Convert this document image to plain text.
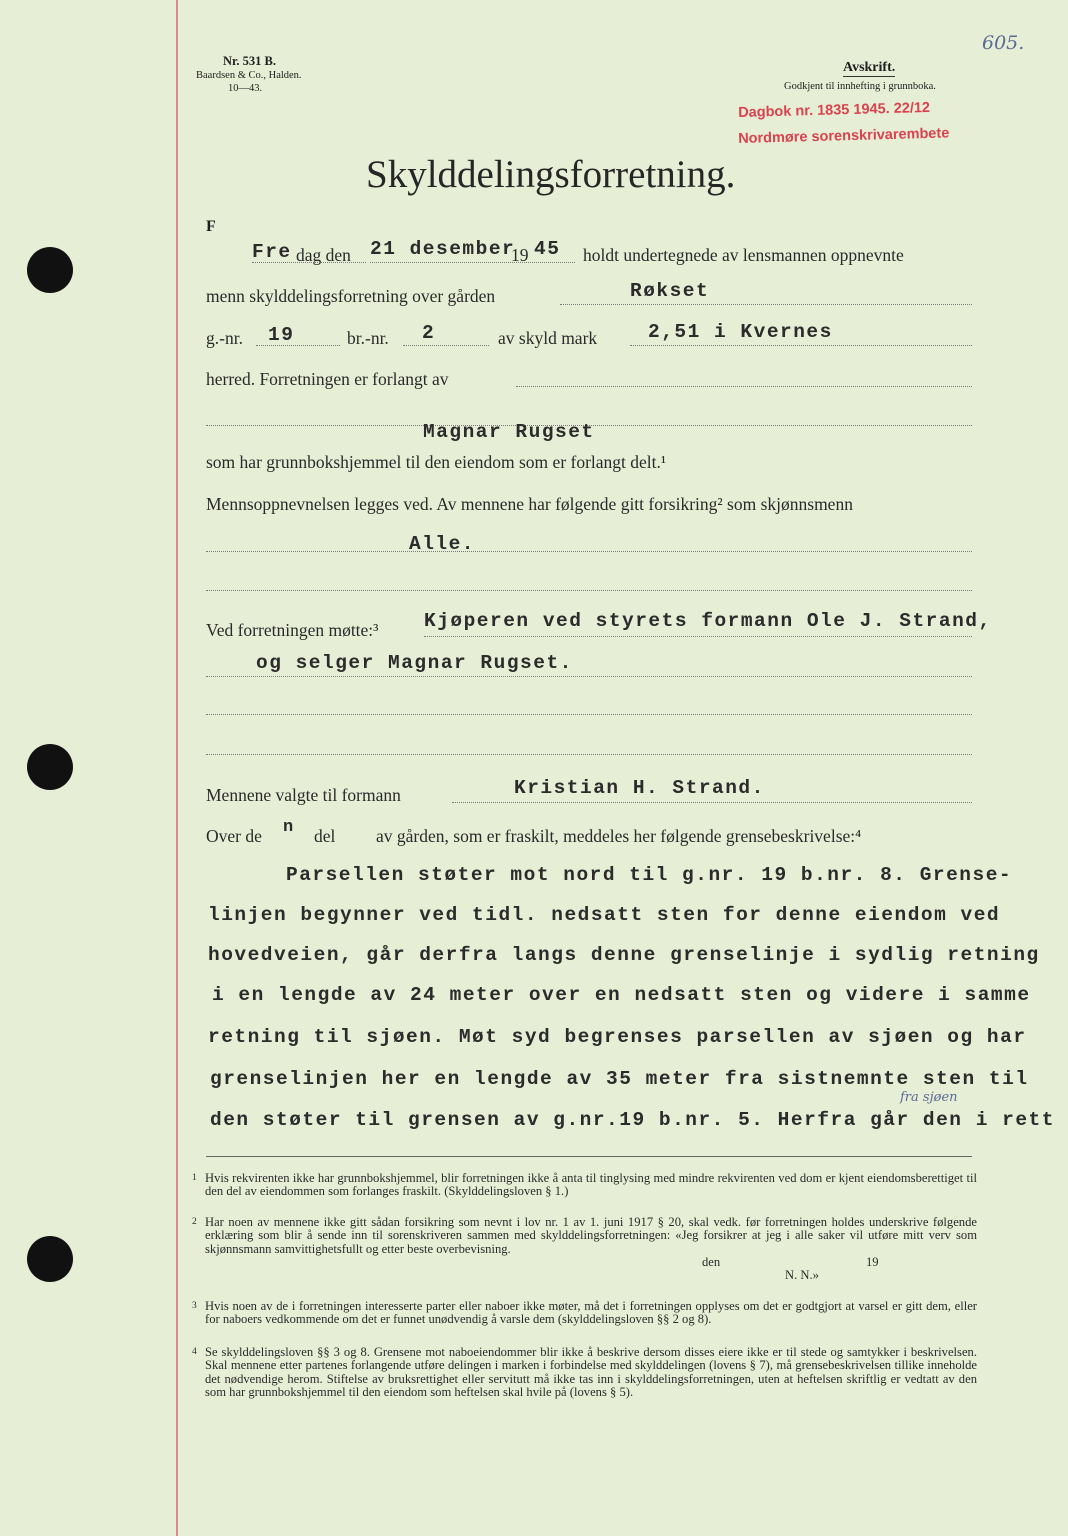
Nr. 531 B.
Baardsen & Co., Halden.
10—43.
Avskrift.
Godkjent til innhefting i grunnboka.
605.
Dagbok nr. 1835 1945. 22/12
Nordmøre sorenskrivarembete
Skylddelingsforretning.
F
Fre dag den 21 desember
19 45 holdt undertegnede av lensmannen oppnevnte
menn skylddelingsforretning over gården	Røkset
g.-nr. 19	br.-nr. 2	av skyld mark	2,51 i Kvernes
herred. Forretningen er forlangt av
Magnar Rugset
som har grunnbokshjemmel til den eiendom som er forlangt delt.¹
Mennsoppnevnelsen legges ved. Av mennene har følgende gitt forsikring² som skjønnsmenn
Alle.
Ved forretningen møtte:³ Kjøperen ved styrets formann Ole J. Strand,
og selger Magnar Rugset.
Mennene valgte til formann	Kristian H. Strand.
Over de n del av gården, som er fraskilt, meddeles her følgende grensebeskrivelse:⁴
Parsellen støter mot nord til g.nr. 19 b.nr. 8. Grense-
linjen begynner ved tidl. nedsatt sten for denne eiendom ved
hovedveien, går derfra langs denne grenselinje i sydlig retning
i en lengde av 24 meter over en nedsatt sten og videre i samme
retning til sjøen. Møt syd begrenses parsellen av sjøen og har
grenselinjen her en lengde av 35 meter fra sistnemnte sten til
fra sjøen
den støter til grensen av g.nr.19 b.nr. 5. Herfra går den i rett
1 Hvis rekvirenten ikke har grunnbokshjemmel, blir forretningen ikke å anta til tinglysing med mindre rekvirenten ved dom er kjent eiendomsberettiget til den del av eiendommen som forlanges fraskilt. (Skylddelingsloven § 1.)
2 Har noen av mennene ikke gitt sådan forsikring som nevnt i lov nr. 1 av 1. juni 1917 § 20, skal vedk. før forretningen holdes underskrive følgende erklæring som blir å sende inn til sorenskriveren sammen med skylddelingsforretningen: «Jeg forsikrer at jeg i alle saker vil utføre mitt verv som skjønnsmann samvittighetsfullt og etter beste overbevisning.
den	19
N. N.»
3 Hvis noen av de i forretningen interesserte parter eller naboer ikke møter, må det i forretningen opplyses om det er godtgjort at varsel er gitt dem, eller for naboers vedkommende om det er funnet unødvendig å varsle dem (skylddelingsloven §§ 2 og 8).
4 Se skylddelingsloven §§ 3 og 8. Grensene mot naboeiendommer blir ikke å beskrive dersom disses eiere ikke er til stede og samtykker i beskrivelsen. Skal mennene etter partenes forlangende utføre delingen i marken i forbindelse med skylddelingen (lovens § 7), må grensebeskrivelsen tillike inneholde det nødvendige herom. Stiftelse av bruksrettighet eller servitutt må ikke tas inn i skylddelingsforretningen, uten at heftelsen skriftlig er vedtatt av den som har grunnbokshjemmel til den eiendom som heftelsen skal hvile på (lovens § 5).
